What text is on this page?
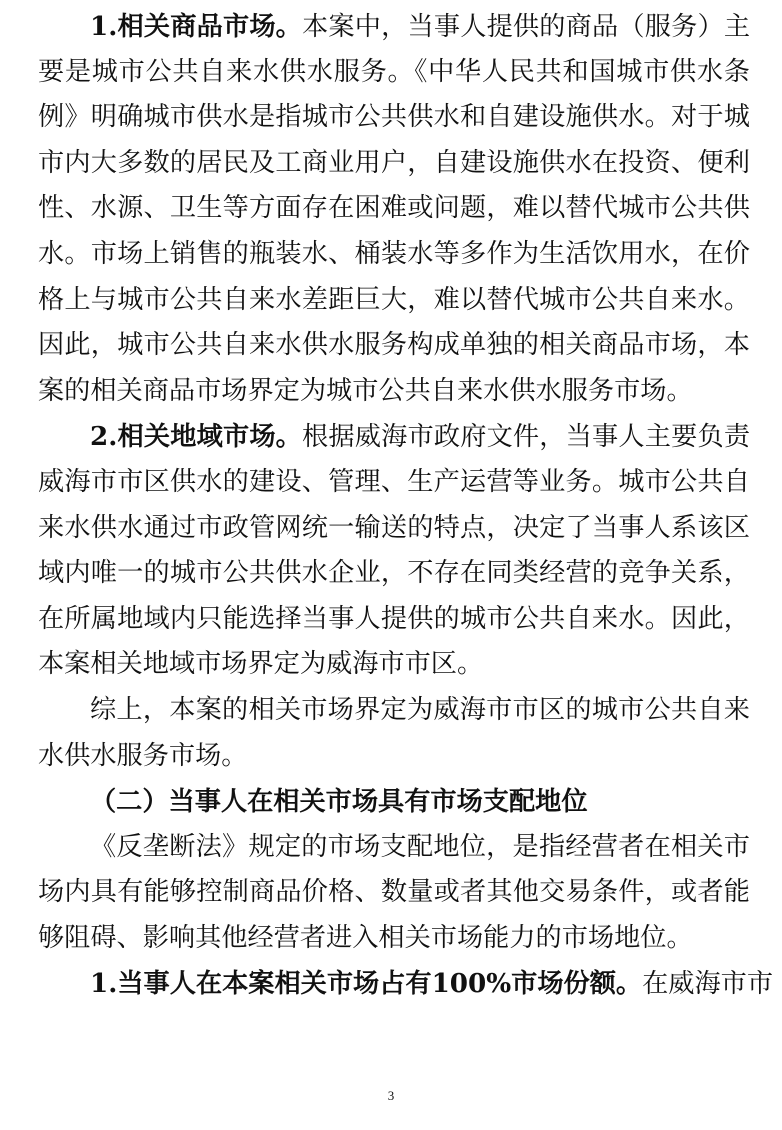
1.相关商品市场。本案中，当事人提供的商品（服务）主
要是城市公共自来水供水服务。《中华人民共和国城市供水条
例》明确城市供水是指城市公共供水和自建设施供水。对于城
市内大多数的居民及工商业用户，自建设施供水在投资、便利
性、水源、卫生等方面存在困难或问题，难以替代城市公共供
水。市场上销售的瓶装水、桶装水等多作为生活饮用水，在价
格上与城市公共自来水差距巨大，难以替代城市公共自来水。
因此，城市公共自来水供水服务构成单独的相关商品市场，本
案的相关商品市场界定为城市公共自来水供水服务市场。
2.相关地域市场。根据威海市政府文件，当事人主要负责
威海市市区供水的建设、管理、生产运营等业务。城市公共自
来水供水通过市政管网统一输送的特点，决定了当事人系该区
域内唯一的城市公共供水企业，不存在同类经营的竞争关系，
在所属地域内只能选择当事人提供的城市公共自来水。因此，
本案相关地域市场界定为威海市市区。
综上，本案的相关市场界定为威海市市区的城市公共自来
水供水服务市场。
（二）当事人在相关市场具有市场支配地位
《反垄断法》规定的市场支配地位，是指经营者在相关市
场内具有能够控制商品价格、数量或者其他交易条件，或者能
够阻碍、影响其他经营者进入相关市场能力的市场地位。
1.当事人在本案相关市场占有100%市场份额。在威海市市
3
